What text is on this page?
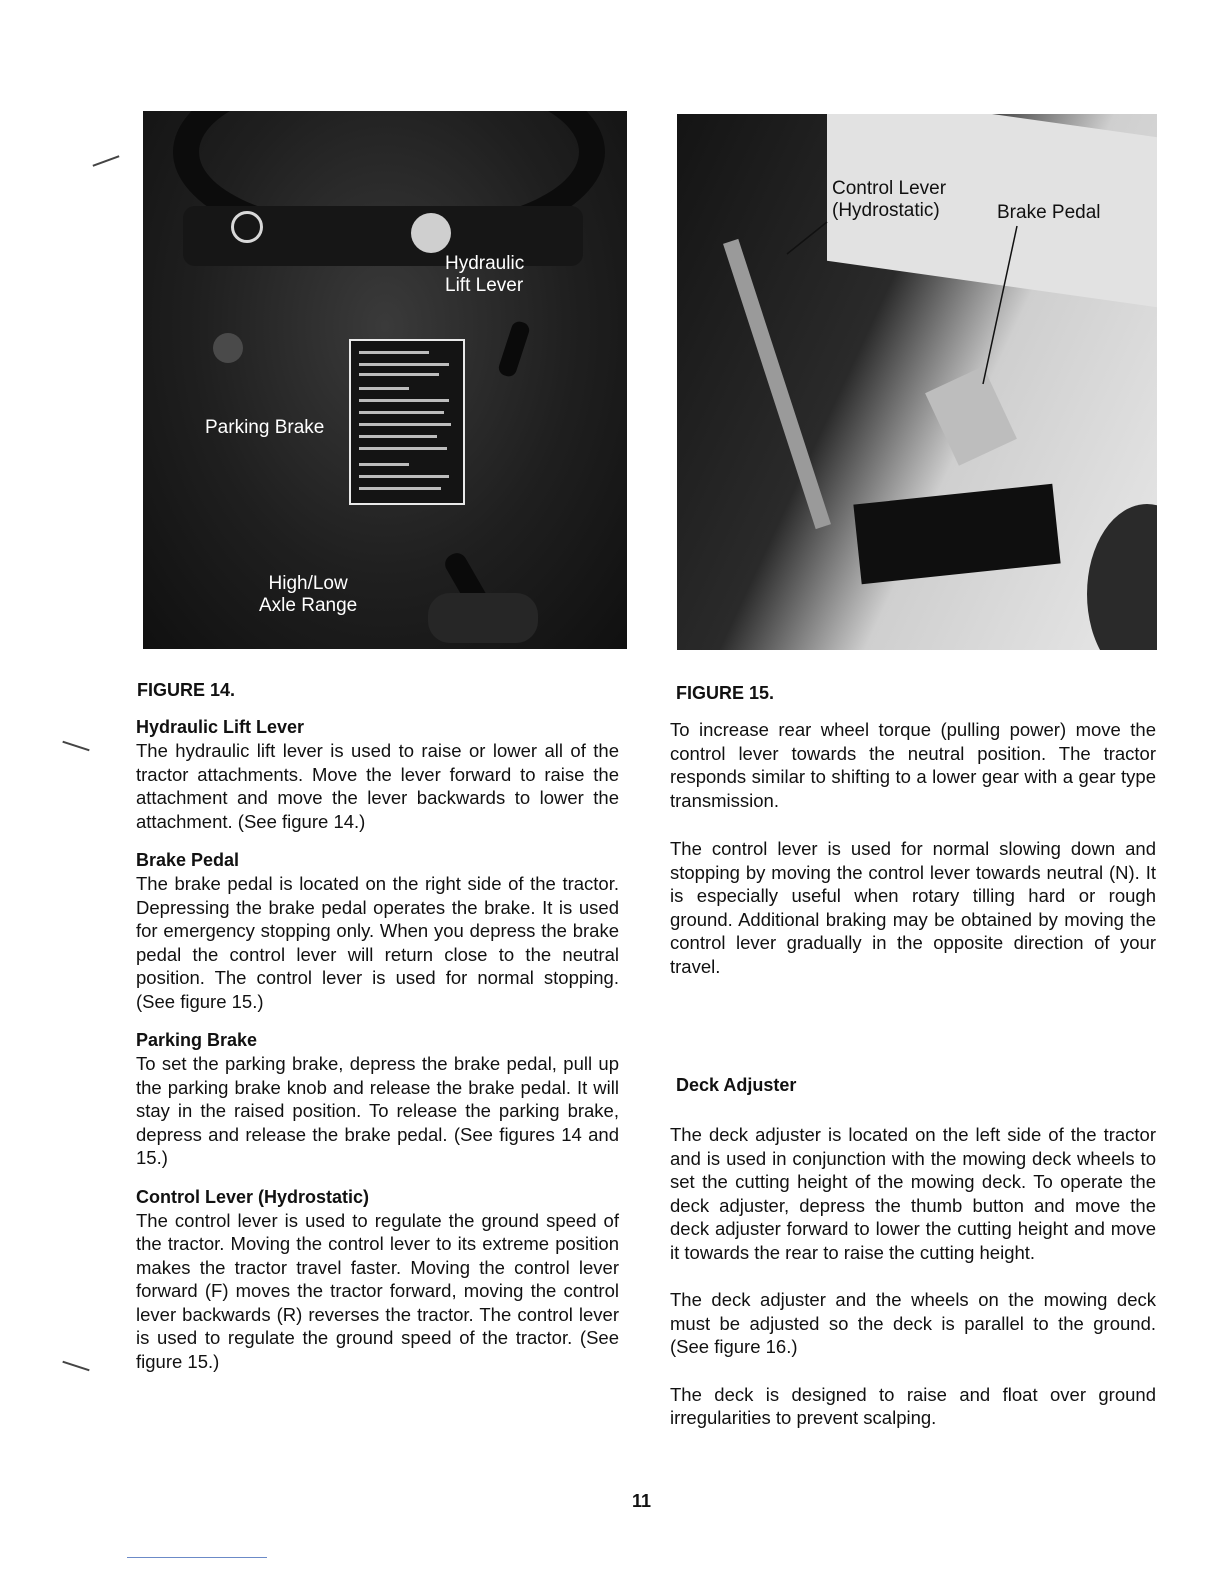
Hydraulic
Lift Lever
Parking Brake
High/Low
Axle Range
Control Lever
(Hydrostatic)	Brake Pedal
FIGURE 14.
Hydraulic Lift Lever

The hydraulic lift lever is used to raise or lower all of the tractor attachments. Move the lever forward to raise the attachment and move the lever backwards to lower the attachment. (See figure 14.)

Brake Pedal

The brake pedal is located on the right side of the tractor. Depressing the brake pedal operates the brake. It is used for emergency stopping only. When you depress the brake pedal the control lever will return close to the neutral position. The control lever is used for normal stopping. (See figure 15.)

Parking Brake

To set the parking brake, depress the brake pedal, pull up the parking brake knob and release the brake pedal. It will stay in the raised position. To release the parking brake, depress and release the brake pedal. (See figures 14 and 15.)

Control Lever (Hydrostatic)

The control lever is used to regulate the ground speed of the tractor. Moving the control lever to its extreme position makes the tractor travel faster. Moving the control lever forward (F) moves the tractor forward, moving the control lever backwards (R) reverses the tractor. The control lever is used to regulate the ground speed of the tractor. (See figure 15.)

FIGURE 15.

To increase rear wheel torque (pulling power) move the control lever towards the neutral position. The tractor responds similar to shifting to a lower gear with a gear type transmission.

The control lever is used for normal slowing down and stopping by moving the control lever towards neutral (N). It is especially useful when rotary tilling hard or rough ground. Additional braking may be obtained by moving the control lever gradually in the opposite direction of your travel.

Deck Adjuster

The deck adjuster is located on the left side of the tractor and is used in conjunction with the mowing deck wheels to set the cutting height of the mowing deck. To operate the deck adjuster, depress the thumb button and move the deck adjuster forward to lower the cutting height and move it towards the rear to raise the cutting height.

The deck adjuster and the wheels on the mowing deck must be adjusted so the deck is parallel to the ground. (See figure 16.)

The deck is designed to raise and float over ground irregularities to prevent scalping.

11
